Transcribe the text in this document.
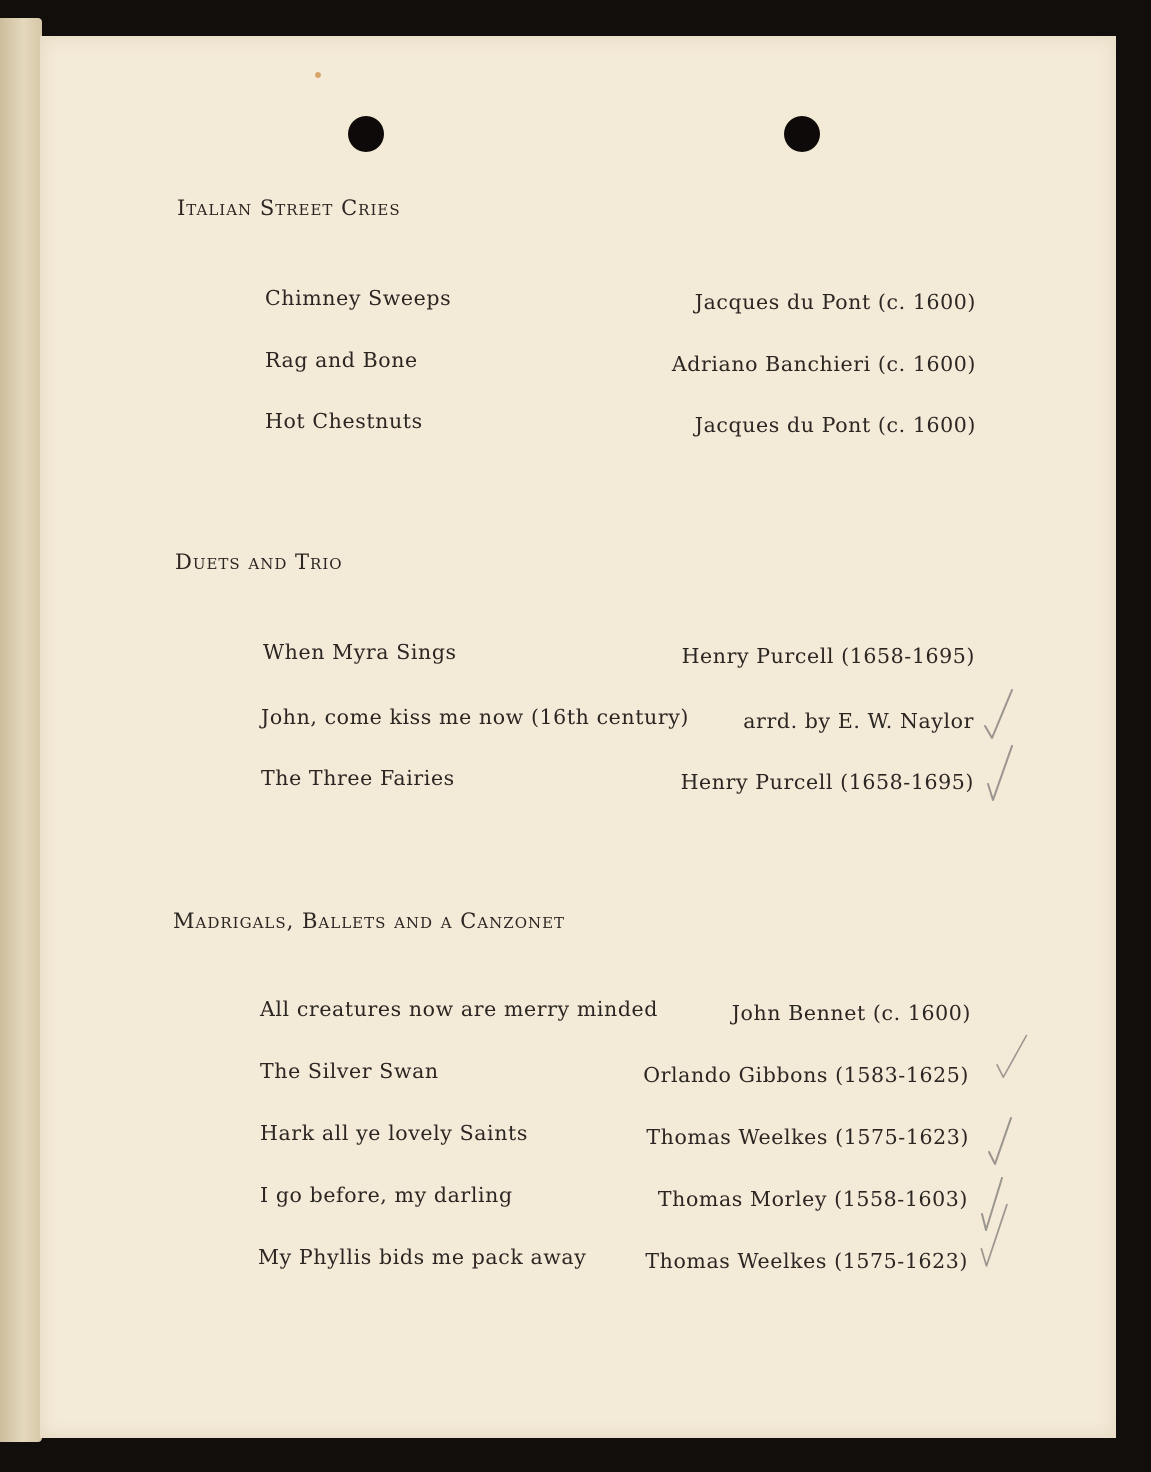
Italian Street Cries
Chimney Sweeps	Jacques du Pont (c. 1600)
Rag and Bone	Adriano Banchieri (c. 1600)
Hot Chestnuts	Jacques du Pont (c. 1600)
Duets and Trio
When Myra Sings	Henry Purcell (1658-1695)
John, come kiss me now (16th century)	arrd. by E. W. Naylor
The Three Fairies	Henry Purcell (1658-1695)
Madrigals, Ballets and a Canzonet
All creatures now are merry minded	John Bennet (c. 1600)
The Silver Swan	Orlando Gibbons (1583-1625)
Hark all ye lovely Saints	Thomas Weelkes (1575-1623)
I go before, my darling	Thomas Morley (1558-1603)
My Phyllis bids me pack away	Thomas Weelkes (1575-1623)
